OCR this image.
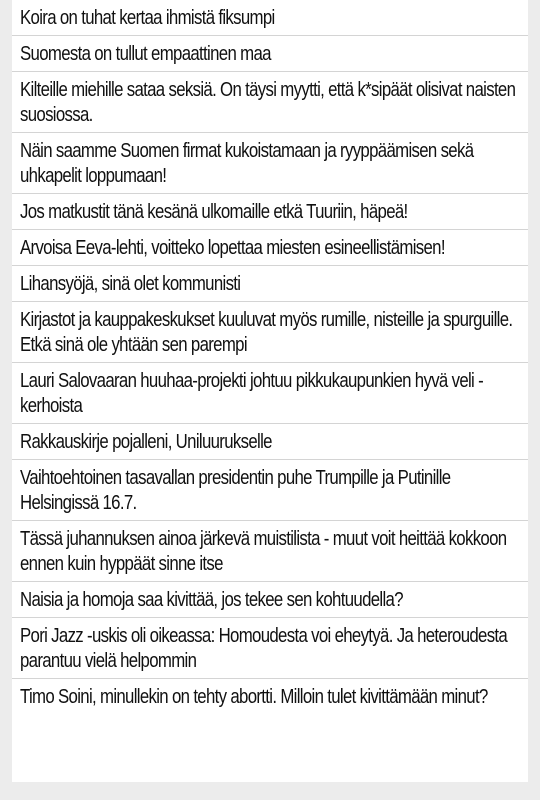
Koira on tuhat kertaa ihmistä fiksumpi
Suomesta on tullut empaattinen maa
Kilteille miehille sataa seksiä. On täysi myytti, että k*sipäät olisivat naisten suosiossa.
Näin saamme Suomen firmat kukoistamaan ja ryyppäämisen sekä uhkapelit loppumaan!
Jos matkustit tänä kesänä ulkomaille etkä Tuuriin, häpeä!
Arvoisa Eeva-lehti, voitteko lopettaa miesten esineellistämisen!
Lihansyöjä, sinä olet kommunisti
Kirjastot ja kauppakeskukset kuuluvat myös rumille, nisteille ja spurguille. Etkä sinä ole yhtään sen parempi
Lauri Salovaaran huuhaa-projekti johtuu pikkukaupunkien hyvä veli -kerhoista
Rakkauskirje pojalleni, Uniluurukselle
Vaihtoehtoinen tasavallan presidentin puhe Trumpille ja Putinille Helsingissä 16.7.
Tässä juhannuksen ainoa järkevä muistilista - muut voit heittää kokkoon ennen kuin hyppäät sinne itse
Naisia ja homoja saa kivittää, jos tekee sen kohtuudella?
Pori Jazz -uskis oli oikeassa: Homoudesta voi eheytyä. Ja heteroudesta parantuu vielä helpommin
Timo Soini, minullekin on tehty abortti. Milloin tulet kivittämään minut?
